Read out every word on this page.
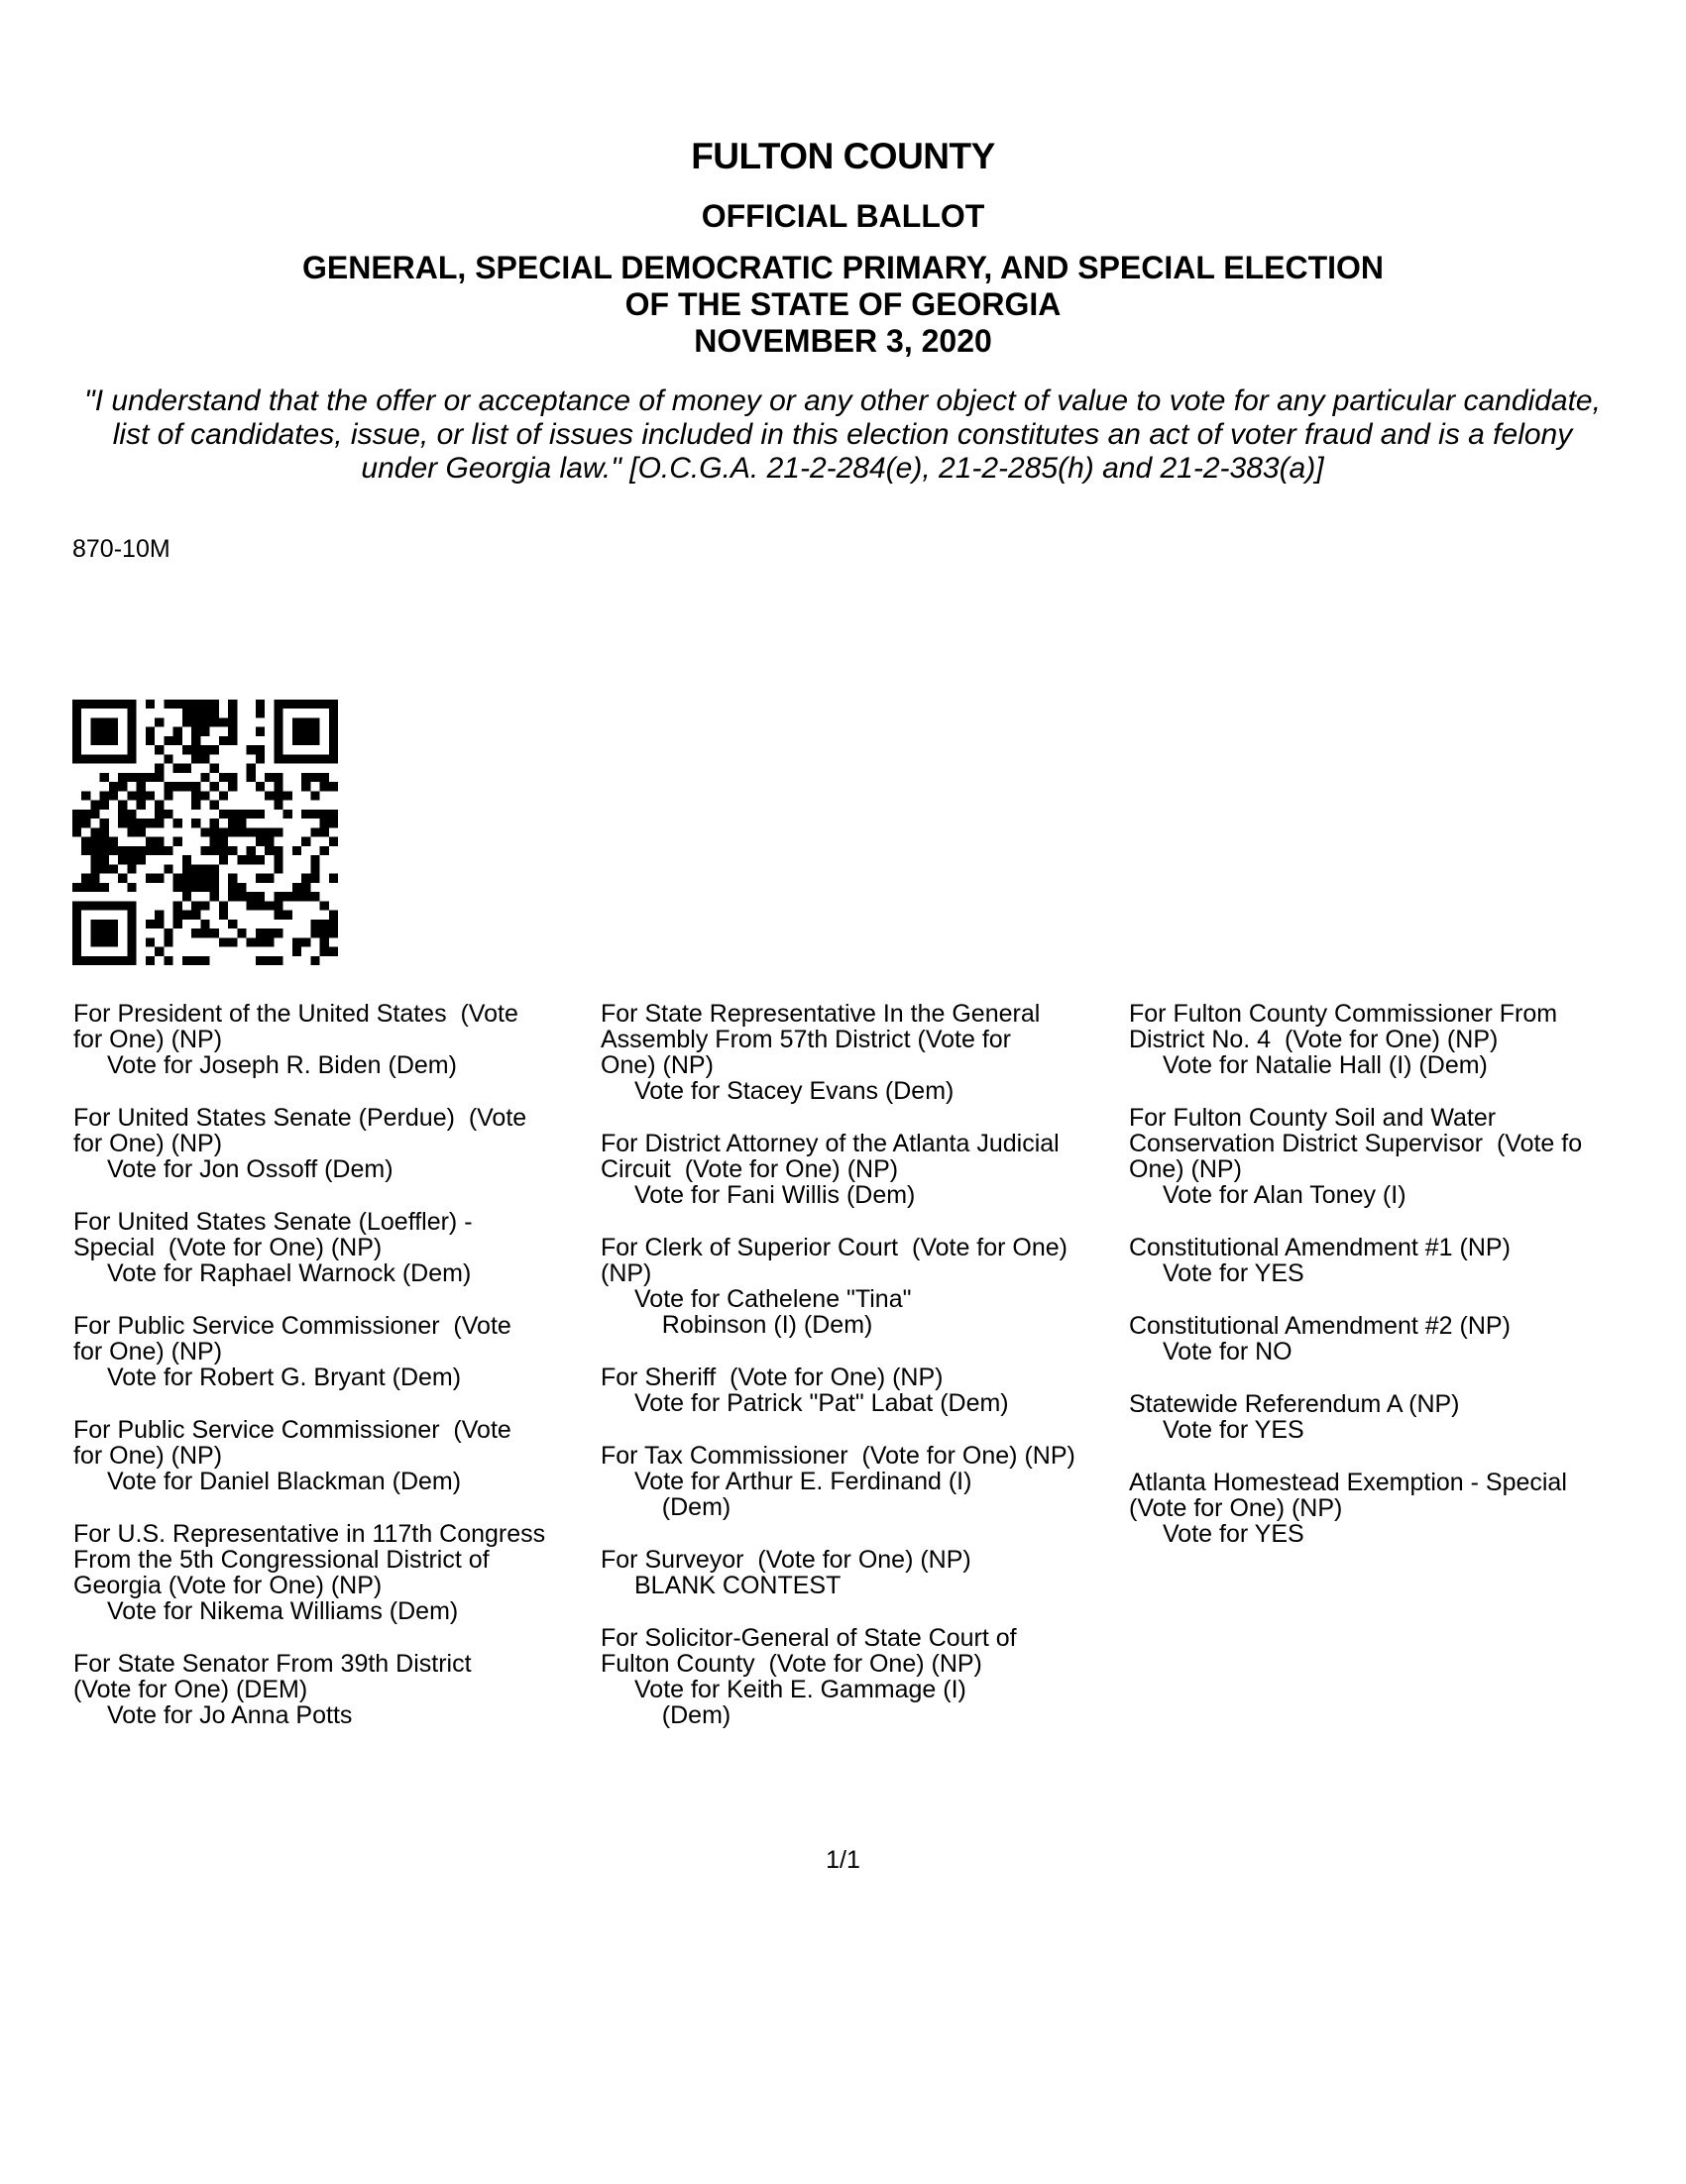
FULTON COUNTY
OFFICIAL BALLOT
GENERAL, SPECIAL DEMOCRATIC PRIMARY, AND SPECIAL ELECTION
OF THE STATE OF GEORGIA
NOVEMBER 3, 2020
"I understand that the offer or acceptance of money or any other object of value to vote for any particular candidate,
list of candidates, issue, or list of issues included in this election constitutes an act of voter fraud and is a felony
under Georgia law." [O.C.G.A. 21-2-284(e), 21-2-285(h) and 21-2-383(a)]
870-10M
For President of the United States  (Vote
for One) (NP)
Vote for Joseph R. Biden (Dem)
For United States Senate (Perdue)  (Vote
for One) (NP)
Vote for Jon Ossoff (Dem)
For United States Senate (Loeffler) -
Special  (Vote for One) (NP)
Vote for Raphael Warnock (Dem)
For Public Service Commissioner  (Vote
for One) (NP)
Vote for Robert G. Bryant (Dem)
For Public Service Commissioner  (Vote
for One) (NP)
Vote for Daniel Blackman (Dem)
For U.S. Representative in 117th Congress
From the 5th Congressional District of
Georgia (Vote for One) (NP)
Vote for Nikema Williams (Dem)
For State Senator From 39th District
(Vote for One) (DEM)
Vote for Jo Anna Potts
For State Representative In the General
Assembly From 57th District (Vote for
One) (NP)
Vote for Stacey Evans (Dem)
For District Attorney of the Atlanta Judicial
Circuit  (Vote for One) (NP)
Vote for Fani Willis (Dem)
For Clerk of Superior Court  (Vote for One)
(NP)
Vote for Cathelene "Tina"
Robinson (I) (Dem)
For Sheriff  (Vote for One) (NP)
Vote for Patrick "Pat" Labat (Dem)
For Tax Commissioner  (Vote for One) (NP)
Vote for Arthur E. Ferdinand (I)
(Dem)
For Surveyor  (Vote for One) (NP)
BLANK CONTEST
For Solicitor-General of State Court of
Fulton County  (Vote for One) (NP)
Vote for Keith E. Gammage (I)
(Dem)
For Fulton County Commissioner From
District No. 4  (Vote for One) (NP)
Vote for Natalie Hall (I) (Dem)
For Fulton County Soil and Water
Conservation District Supervisor  (Vote fo
One) (NP)
Vote for Alan Toney (I)
Constitutional Amendment #1 (NP)
Vote for YES
Constitutional Amendment #2 (NP)
Vote for NO
Statewide Referendum A (NP)
Vote for YES
Atlanta Homestead Exemption - Special
(Vote for One) (NP)
Vote for YES
1/1
